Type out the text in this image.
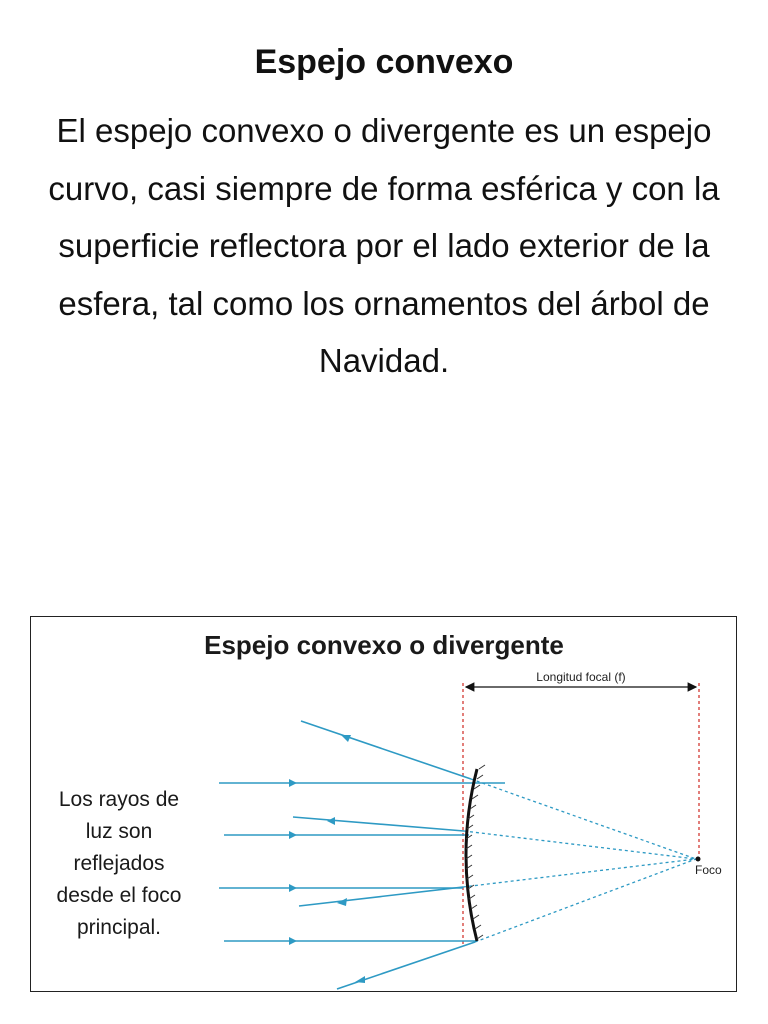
Espejo convexo

El espejo convexo o divergente es un espejo curvo, casi siempre de forma esférica y con la superficie reflectora por el lado exterior de la esfera, tal como los ornamentos del árbol de Navidad.

Espejo convexo o divergente
Longitud focal (f)
Foco
Los rayos de
luz son
reflejados
desde el foco
principal.
